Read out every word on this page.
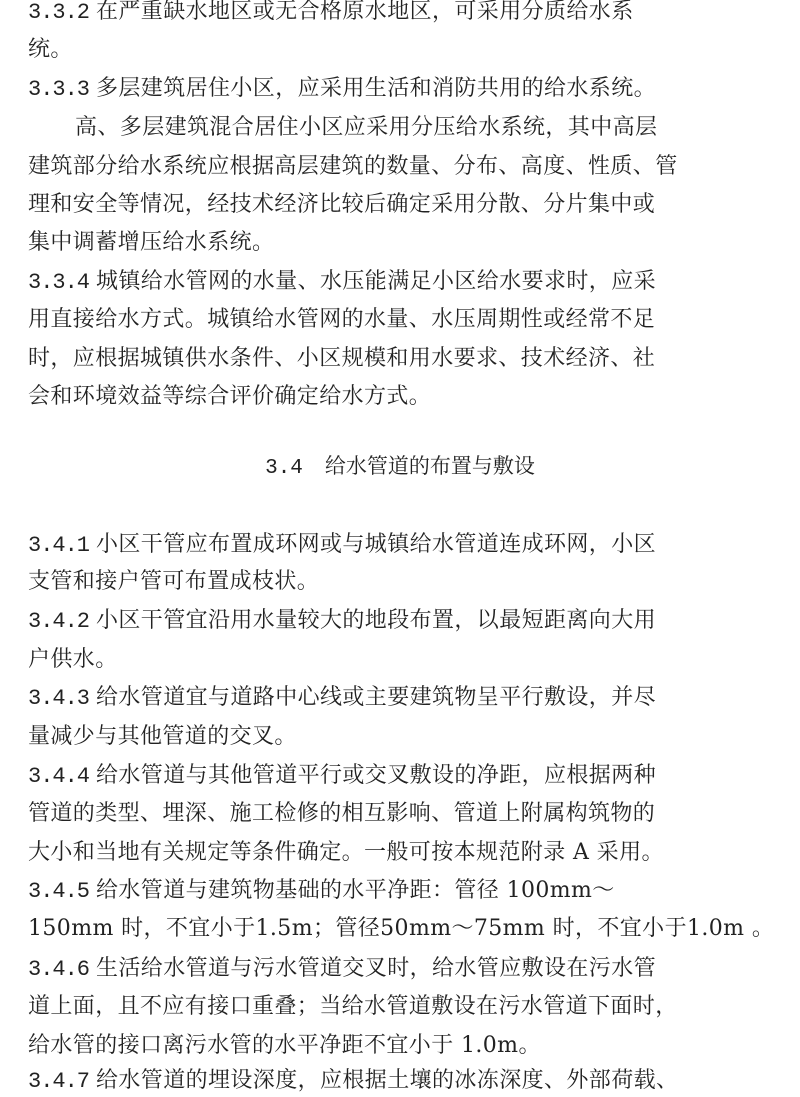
3.3.2 在严重缺水地区或无合格原水地区，可采用分质给水系
统。
3.3.3 多层建筑居住小区，应采用生活和消防共用的给水系统。
高、多层建筑混合居住小区应采用分压给水系统，其中高层
建筑部分给水系统应根据高层建筑的数量、分布、高度、性质、管
理和安全等情况，经技术经济比较后确定采用分散、分片集中或
集中调蓄增压给水系统。
3.3.4 城镇给水管网的水量、水压能满足小区给水要求时，应采
用直接给水方式。城镇给水管网的水量、水压周期性或经常不足
时，应根据城镇供水条件、小区规模和用水要求、技术经济、社
会和环境效益等综合评价确定给水方式。
3.4 给水管道的布置与敷设
3.4.1 小区干管应布置成环网或与城镇给水管道连成环网，小区
支管和接户管可布置成枝状。
3.4.2 小区干管宜沿用水量较大的地段布置，以最短距离向大用
户供水。
3.4.3 给水管道宜与道路中心线或主要建筑物呈平行敷设，并尽
量减少与其他管道的交叉。
3.4.4 给水管道与其他管道平行或交叉敷设的净距，应根据两种
管道的类型、埋深、施工检修的相互影响、管道上附属构筑物的
大小和当地有关规定等条件确定。一般可按本规范附录 A 采用。
3.4.5 给水管道与建筑物基础的水平净距：管径 100mm～
150mm 时，不宜小于1.5m；管径50mm～75mm 时，不宜小于1.0m 。
3.4.6 生活给水管道与污水管道交叉时，给水管应敷设在污水管
道上面，且不应有接口重叠；当给水管道敷设在污水管道下面时，
给水管的接口离污水管的水平净距不宜小于 1.0m。
3.4.7 给水管道的埋设深度，应根据土壤的冰冻深度、外部荷载、
